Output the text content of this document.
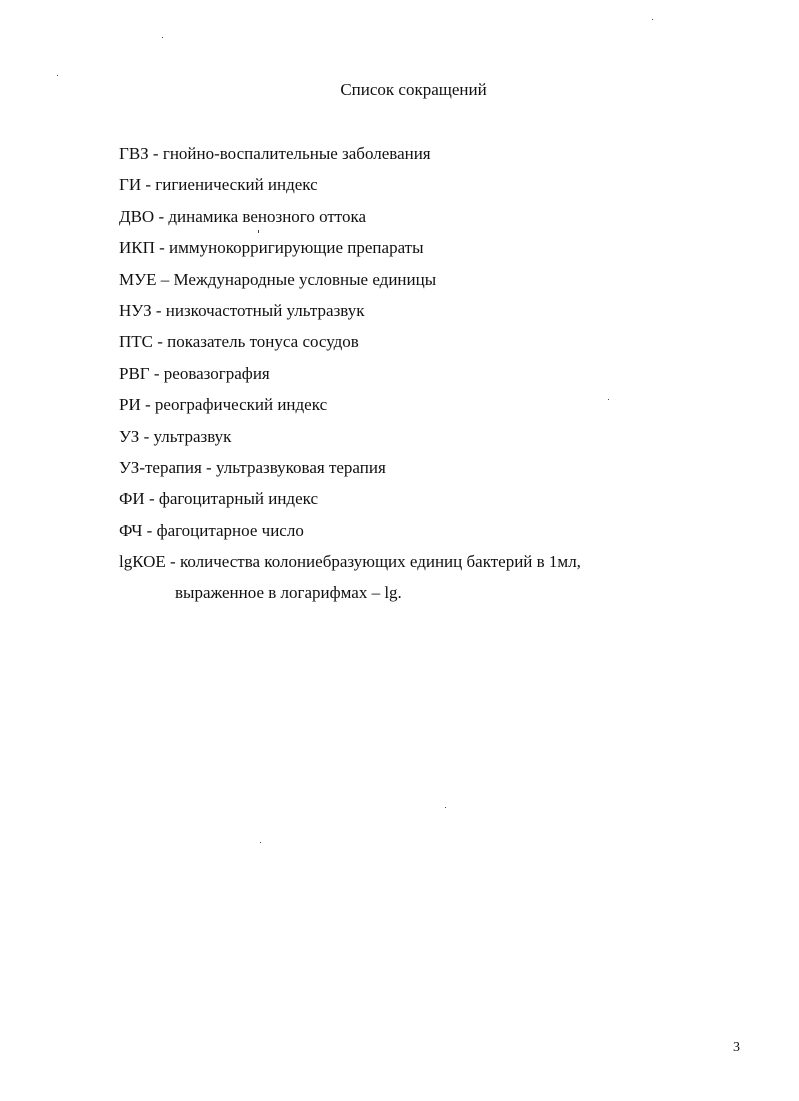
Список сокращений
ГВЗ - гнойно-воспалительные заболевания
ГИ - гигиенический индекс
ДВО - динамика венозного оттока
ИКП - иммунокорригирующие препараты
МУЕ – Международные условные единицы
НУЗ - низкочастотный ультразвук
ПТС - показатель тонуса сосудов
РВГ - реовазография
РИ - реографический индекс
УЗ - ультразвук
УЗ-терапия - ультразвуковая терапия
ФИ - фагоцитарный индекс
ФЧ - фагоцитарное число
lgКОЕ - количества колониебразующих единиц бактерий в 1мл,
выраженное в логарифмах – lg.
3
